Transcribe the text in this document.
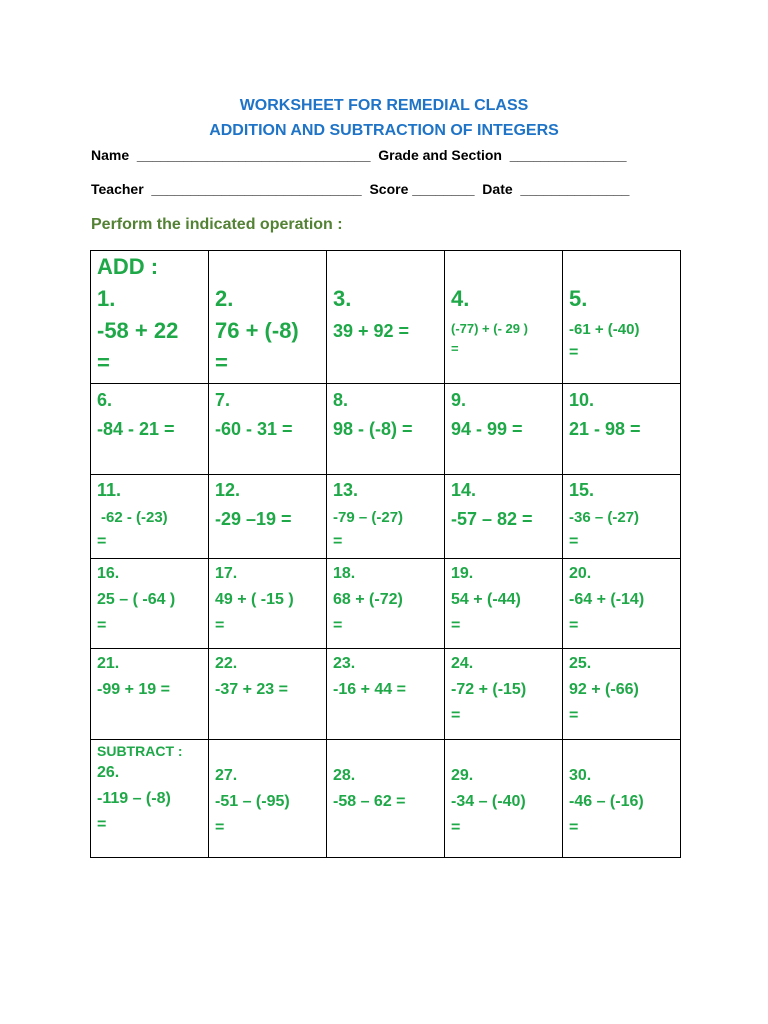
WORKSHEET FOR REMEDIAL CLASS
ADDITION AND SUBTRACTION OF INTEGERS
Name  ______________________________  Grade and Section  _______________
Teacher  ___________________________  Score ________  Date  ______________

Perform the indicated operation :

ADD :
1.
-58 + 22
=	2.
76 + (-8)
=	3.
39 + 92 =	4.
(-77) + (- 29 )
=	5.
-61 + (-40)
=

6.
-84 - 21 =	7.
-60 - 31 =	8.
98 - (-8) =	9.
94 - 99 =	10.
21 - 98 =

11.
-62 - (-23)
=	12.
-29 –19 =	13.
-79 – (-27)
=	14.
-57 – 82 =	15.
-36 – (-27)
=

16.
25 – ( -64 )
=	17.
49 + ( -15 )
=	18.
68 + (-72)
=	19.
54 + (-44)
=	20.
-64 + (-14)
=

21.
-99 + 19 =	22.
-37 + 23 =	23.
-16 + 44 =	24.
-72 + (-15)
=	25.
92 + (-66)
=

SUBTRACT :
26.
-119 – (-8)
=	27.
-51 – (-95)
=	28.
-58 – 62 =	29.
-34 – (-40)
=	30.
-46 – (-16)
=
